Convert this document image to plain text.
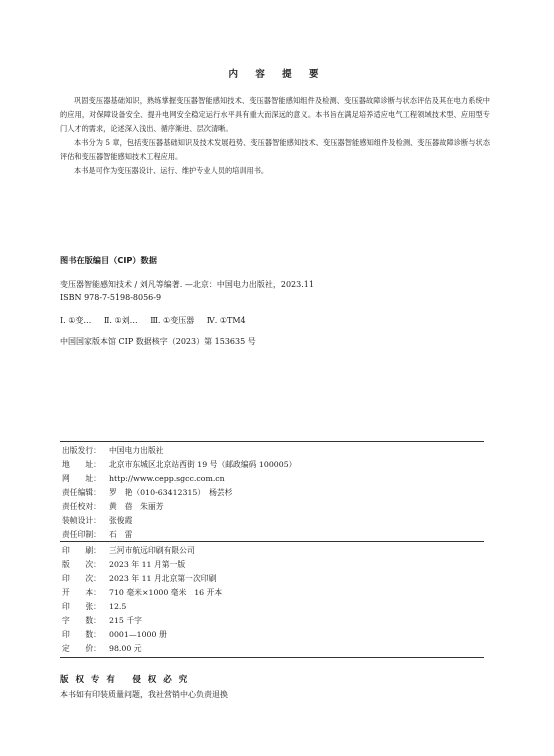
内 容 提 要

巩固变压器基础知识，熟练掌握变压器智能感知技术、变压器智能感知组件及检测、变压器故障诊断与状态评估及其在电力系统中的应用，对保障设备安全、提升电网安全稳定运行水平具有重大而深远的意义。本书旨在满足培养适应电气工程领域技术型、应用型专门人才的需求，论述深入浅出、循序渐进、层次清晰。

本书分为 5 章，包括变压器基础知识及技术发展趋势、变压器智能感知技术、变压器智能感知组件及检测、变压器故障诊断与状态评估和变压器智能感知技术工程应用。

本书是可作为变压器设计、运行、维护专业人员的培训用书。

图书在版编目（CIP）数据
变压器智能感知技术 / 刘凡等编著. —北京：中国电力出版社，2023.11
ISBN 978-7-5198-8056-9
Ⅰ. ①变… Ⅱ. ①刘… Ⅲ. ①变压器 Ⅳ. ①TM4
中国国家版本馆 CIP 数据核字（2023）第 153635 号
出版发行： 中国电力出版社
地　　址： 北京市东城区北京站西街 19 号（邮政编码 100005）
网　　址： http://www.cepp.sgcc.com.cn
责任编辑： 罗　艳（010-63412315）　杨芸杉
责任校对： 黄　蓓　朱丽芳
装帧设计： 张俊霞
责任印制： 石　雷
印　　刷： 三河市航远印刷有限公司
版　　次： 2023 年 11 月第一版
印　　次： 2023 年 11 月北京第一次印刷
开　　本： 710 毫米×1000 毫米　16 开本
印　　张： 12.5
字　　数： 215 千字
印　　数： 0001—1000 册
定　　价： 98.00 元
版 权 专 有　 侵 权 必 究
本书如有印装质量问题，我社营销中心负责退换
